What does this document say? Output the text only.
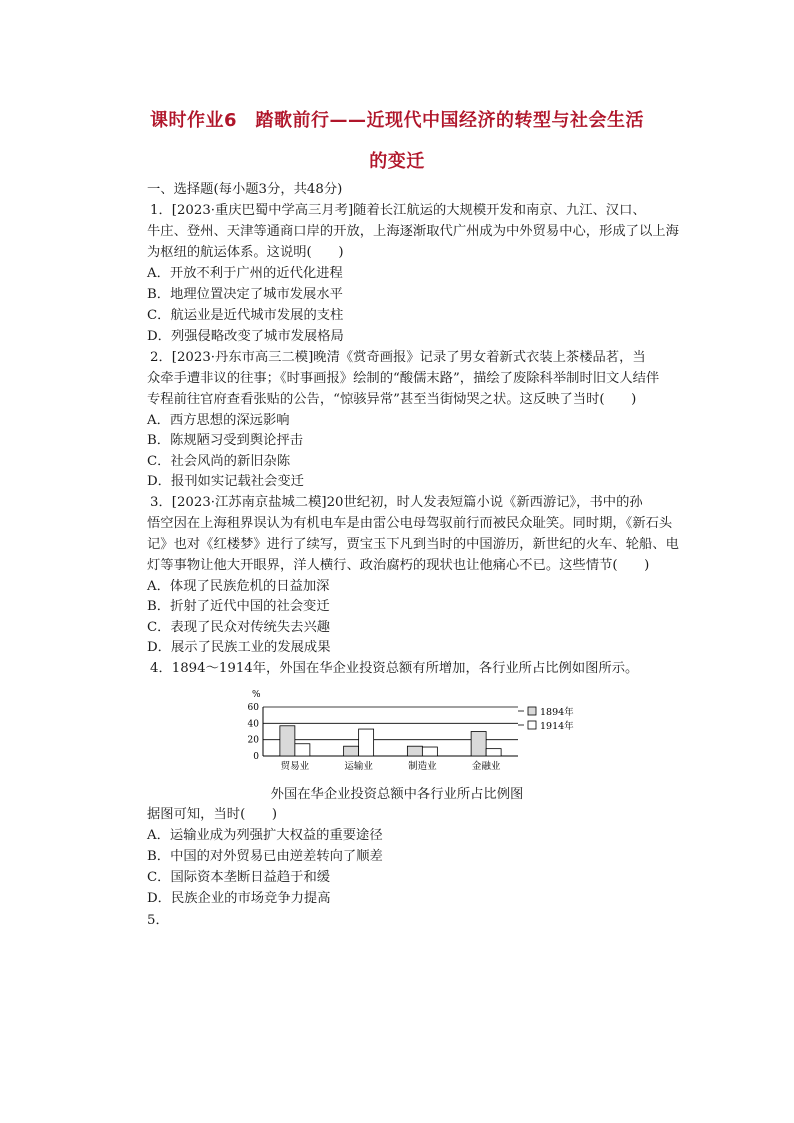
课时作业6　踏歌前行——近现代中国经济的转型与社会生活
的变迁
一、选择题(每小题3分，共48分)
1．[2023·重庆巴蜀中学高三月考]随着长江航运的大规模开发和南京、九江、汉口、
牛庄、登州、天津等通商口岸的开放，上海逐渐取代广州成为中外贸易中心，形成了以上海
为枢纽的航运体系。这说明(　　)
A．开放不利于广州的近代化进程
B．地理位置决定了城市发展水平
C．航运业是近代城市发展的支柱
D．列强侵略改变了城市发展格局
2．[2023·丹东市高三二模]晚清《赏奇画报》记录了男女着新式衣装上茶楼品茗，当
众牵手遭非议的往事；《时事画报》绘制的“酸儒末路”，描绘了废除科举制时旧文人结伴
专程前往官府查看张贴的公告，“惊骇异常”甚至当街恸哭之状。这反映了当时(　　)
A．西方思想的深远影响
B．陈规陋习受到舆论抨击
C．社会风尚的新旧杂陈
D．报刊如实记载社会变迁
3．[2023·江苏南京盐城二模]20世纪初，时人发表短篇小说《新西游记》，书中的孙
悟空因在上海租界误认为有机电车是由雷公电母驾驭前行而被民众耻笑。同时期，《新石头
记》也对《红楼梦》进行了续写，贾宝玉下凡到当时的中国游历，新世纪的火车、轮船、电
灯等事物让他大开眼界，洋人横行、政治腐朽的现状也让他痛心不已。这些情节(　　)
A．体现了民族危机的日益加深
B．折射了近代中国的社会变迁
C．表现了民众对传统失去兴趣
D．展示了民族工业的发展成果
4．1894～1914年，外国在华企业投资总额有所增加，各行业所占比例如图所示。
%
0
20
40
60
贸易业	运输业	制造业	金融业
1894年
1914年
外国在华企业投资总额中各行业所占比例图
据图可知，当时(　　)
A．运输业成为列强扩大权益的重要途径
B．中国的对外贸易已由逆差转向了顺差
C．国际资本垄断日益趋于和缓
D．民族企业的市场竞争力提高
5．
